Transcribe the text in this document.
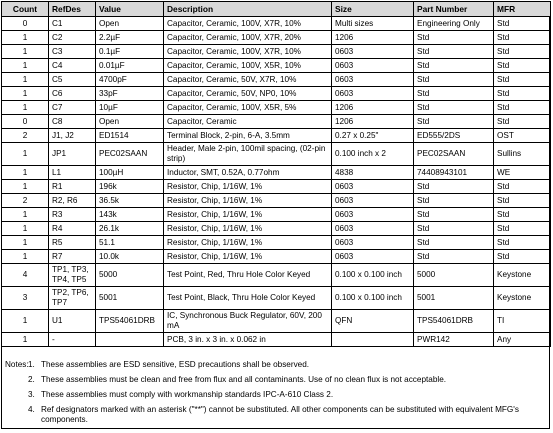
Count	RefDes	Value	Description	Size	Part Number	MFR
0	C1	Open	Capacitor, Ceramic, 100V, X7R, 10%	Multi sizes	Engineering Only	Std
1	C2	2.2µF	Capacitor, Ceramic, 100V, X7R, 20%	1206	Std	Std
1	C3	0.1µF	Capacitor, Ceramic, 100V, X7R, 10%	0603	Std	Std
1	C4	0.01µF	Capacitor, Ceramic, 100V, X5R, 10%	0603	Std	Std
1	C5	4700pF	Capacitor, Ceramic, 50V, X7R, 10%	0603	Std	Std
1	C6	33pF	Capacitor, Ceramic, 50V, NP0, 10%	0603	Std	Std
1	C7	10µF	Capacitor, Ceramic, 100V, X5R, 5%	1206	Std	Std
0	C8	Open	Capacitor, Ceramic	1206	Std	Std
2	J1, J2	ED1514	Terminal Block, 2-pin, 6-A, 3.5mm	0.27 x 0.25"	ED555/2DS	OST
1	JP1	PEC02SAAN	Header, Male 2-pin, 100mil spacing, (02-pin strip)	0.100 inch x 2	PEC02SAAN	Sullins
1	L1	100µH	Inductor, SMT, 0.52A, 0.77ohm	4838	74408943101	WE
1	R1	196k	Resistor, Chip, 1/16W, 1%	0603	Std	Std
2	R2, R6	36.5k	Resistor, Chip, 1/16W, 1%	0603	Std	Std
1	R3	143k	Resistor, Chip, 1/16W, 1%	0603	Std	Std
1	R4	26.1k	Resistor, Chip, 1/16W, 1%	0603	Std	Std
1	R5	51.1	Resistor, Chip, 1/16W, 1%	0603	Std	Std
1	R7	10.0k	Resistor, Chip, 1/16W, 1%	0603	Std	Std
4	TP1, TP3, TP4, TP5	5000	Test Point, Red, Thru Hole Color Keyed	0.100 x 0.100 inch	5000	Keystone
3	TP2, TP6, TP7	5001	Test Point, Black, Thru Hole Color Keyed	0.100 x 0.100 inch	5001	Keystone
1	U1	TPS54061DRB	IC, Synchronous Buck Regulator, 60V, 200 mA	QFN	TPS54061DRB	TI
1	-		PCB, 3 in. x 3 in. x 0.062 in		PWR142	Any
Notes: 1. These assemblies are ESD sensitive, ESD precautions shall be observed.
2. These assemblies must be clean and free from flux and all contaminants. Use of no clean flux is not acceptable.
3. These assemblies must comply with workmanship standards IPC-A-610 Class 2.
4. Ref designators marked with an asterisk ("**") cannot be substituted. All other components can be substituted with equivalent MFG's components.
